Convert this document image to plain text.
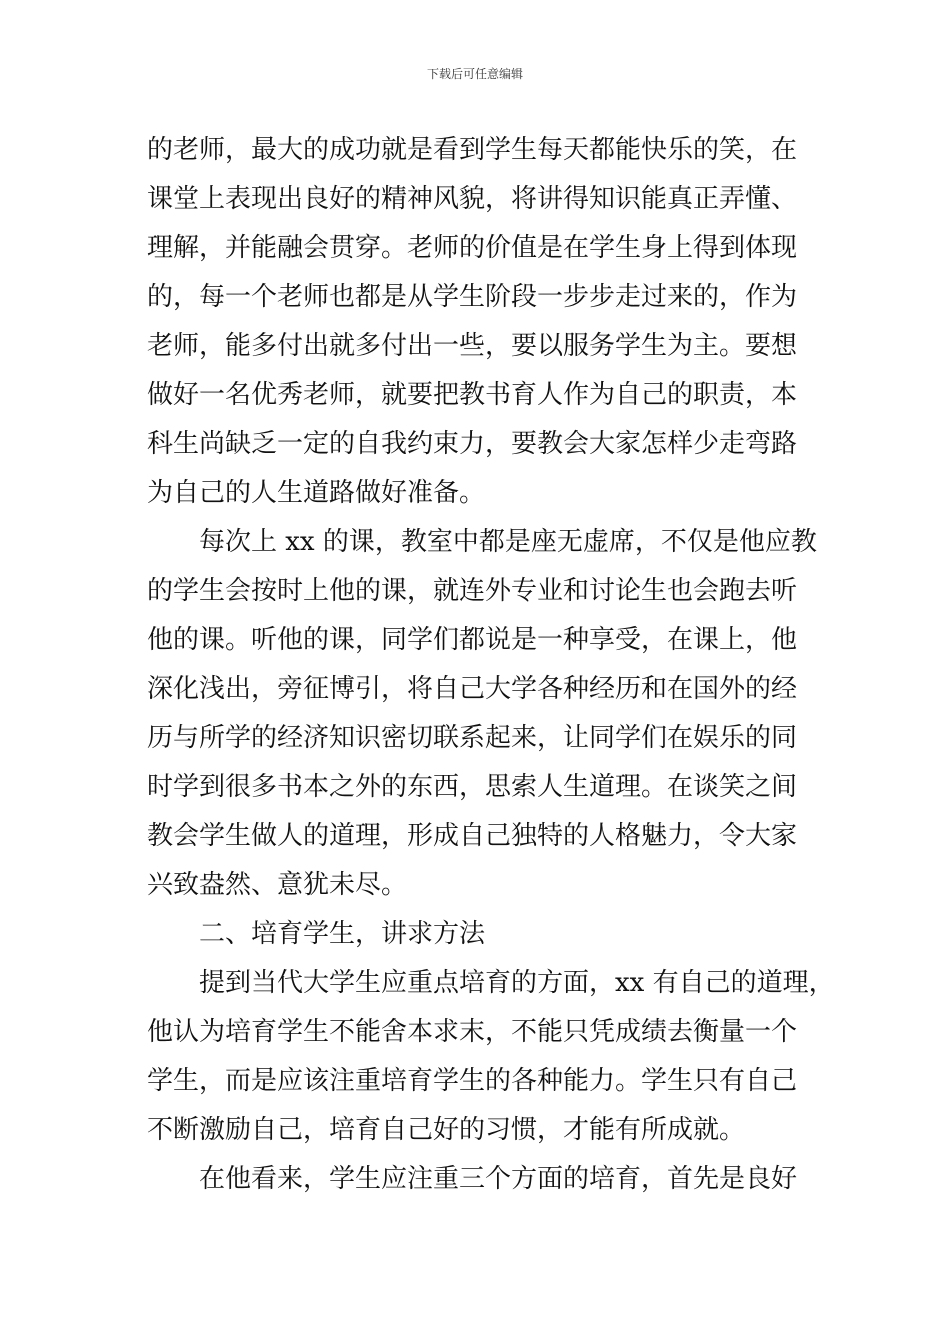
下载后可任意编辑
的老师，最大的成功就是看到学生每天都能快乐的笑，在
课堂上表现出良好的精神风貌，将讲得知识能真正弄懂、
理解，并能融会贯穿。老师的价值是在学生身上得到体现
的，每一个老师也都是从学生阶段一步步走过来的，作为
老师，能多付出就多付出一些，要以服务学生为主。要想
做好一名优秀老师，就要把教书育人作为自己的职责，本
科生尚缺乏一定的自我约束力，要教会大家怎样少走弯路
为自己的人生道路做好准备。
每次上 xx 的课，教室中都是座无虚席，不仅是他应教
的学生会按时上他的课，就连外专业和讨论生也会跑去听
他的课。听他的课，同学们都说是一种享受，在课上，他
深化浅出，旁征博引，将自己大学各种经历和在国外的经
历与所学的经济知识密切联系起来，让同学们在娱乐的同
时学到很多书本之外的东西，思索人生道理。在谈笑之间
教会学生做人的道理，形成自己独特的人格魅力，令大家
兴致盎然、意犹未尽。
二、培育学生，讲求方法
提到当代大学生应重点培育的方面，xx 有自己的道理，
他认为培育学生不能舍本求末，不能只凭成绩去衡量一个
学生，而是应该注重培育学生的各种能力。学生只有自己
不断激励自己，培育自己好的习惯，才能有所成就。
在他看来，学生应注重三个方面的培育，首先是良好
